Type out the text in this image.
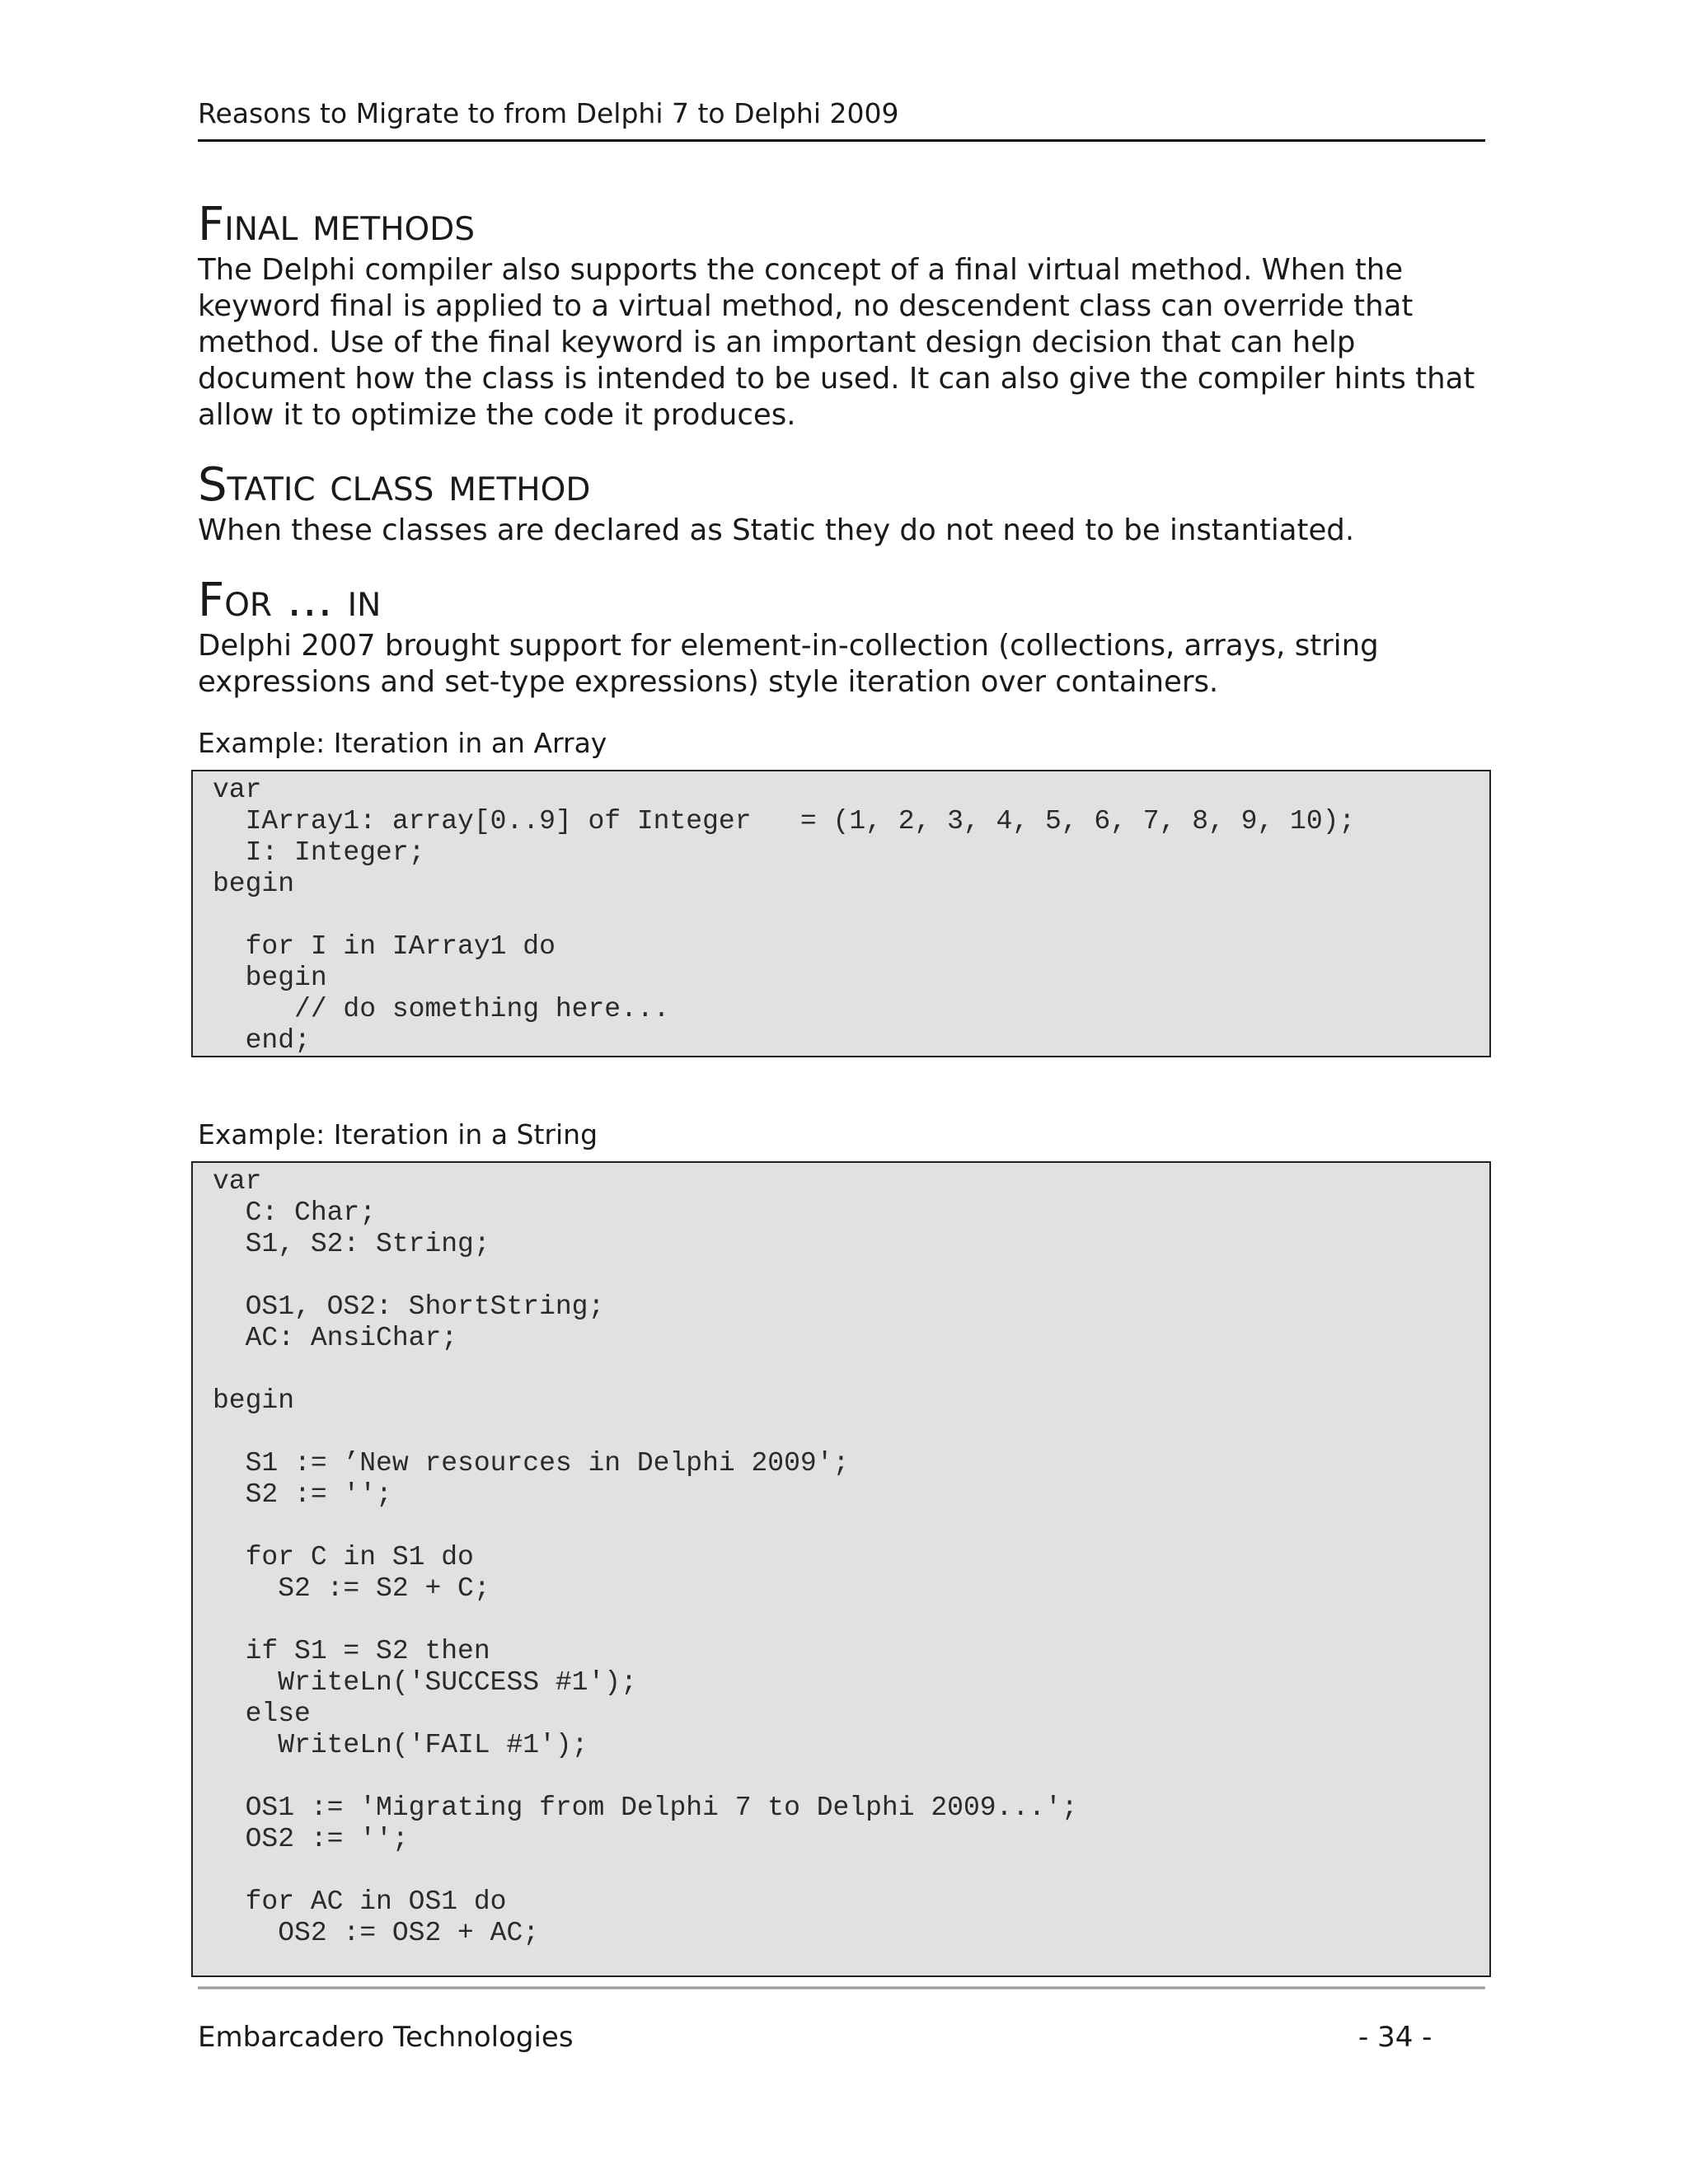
Reasons to Migrate to from Delphi 7 to Delphi 2009
Final methods

The Delphi compiler also supports the concept of a final virtual method. When the keyword final is applied to a virtual method, no descendent class can override that method. Use of the final keyword is an important design decision that can help document how the class is intended to be used. It can also give the compiler hints that allow it to optimize the code it produces.

Static class method

When these classes are declared as Static they do not need to be instantiated.

For … in

Delphi 2007 brought support for element-in-collection (collections, arrays, string expressions and set-type expressions) style iteration over containers.

Example: Iteration in an Array

var
IArray1: array[0..9] of Integer   = (1, 2, 3, 4, 5, 6, 7, 8, 9, 10);
I: Integer;
begin
for I in IArray1 do
begin
// do something here...
end;

Example: Iteration in a String

var
C: Char;
S1, S2: String;
OS1, OS2: ShortString;
AC: AnsiChar;
begin
S1 := ’New resources in Delphi 2009';
S2 := '';
for C in S1 do
S2 := S2 + C;
if S1 = S2 then
WriteLn('SUCCESS #1');
else
WriteLn('FAIL #1');
OS1 := 'Migrating from Delphi 7 to Delphi 2009...';
OS2 := '';
for AC in OS1 do
OS2 := OS2 + AC;
Embarcadero Technologies	- 34 -
